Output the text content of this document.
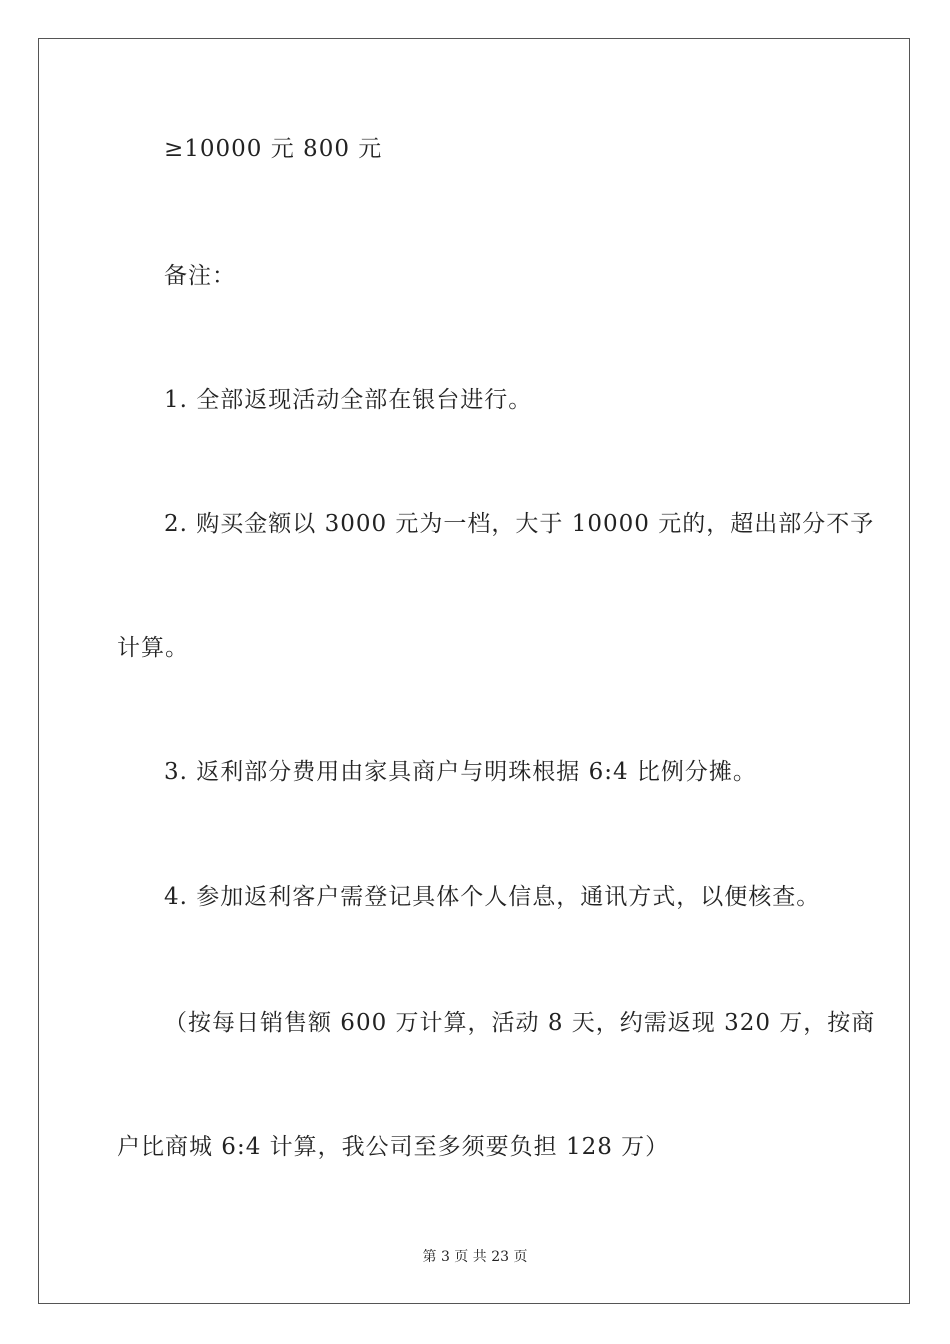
≥10000 元 800 元
备注：
1. 全部返现活动全部在银台进行。
2. 购买金额以 3000 元为一档，大于 10000 元的，超出部分不予
计算。
3. 返利部分费用由家具商户与明珠根据 6:4 比例分摊。
4. 参加返利客户需登记具体个人信息，通讯方式，以便核查。
（按每日销售额 600 万计算，活动 8 天，约需返现 320 万，按商
户比商城 6:4 计算，我公司至多须要负担 128 万）
第 3 页 共 23 页
